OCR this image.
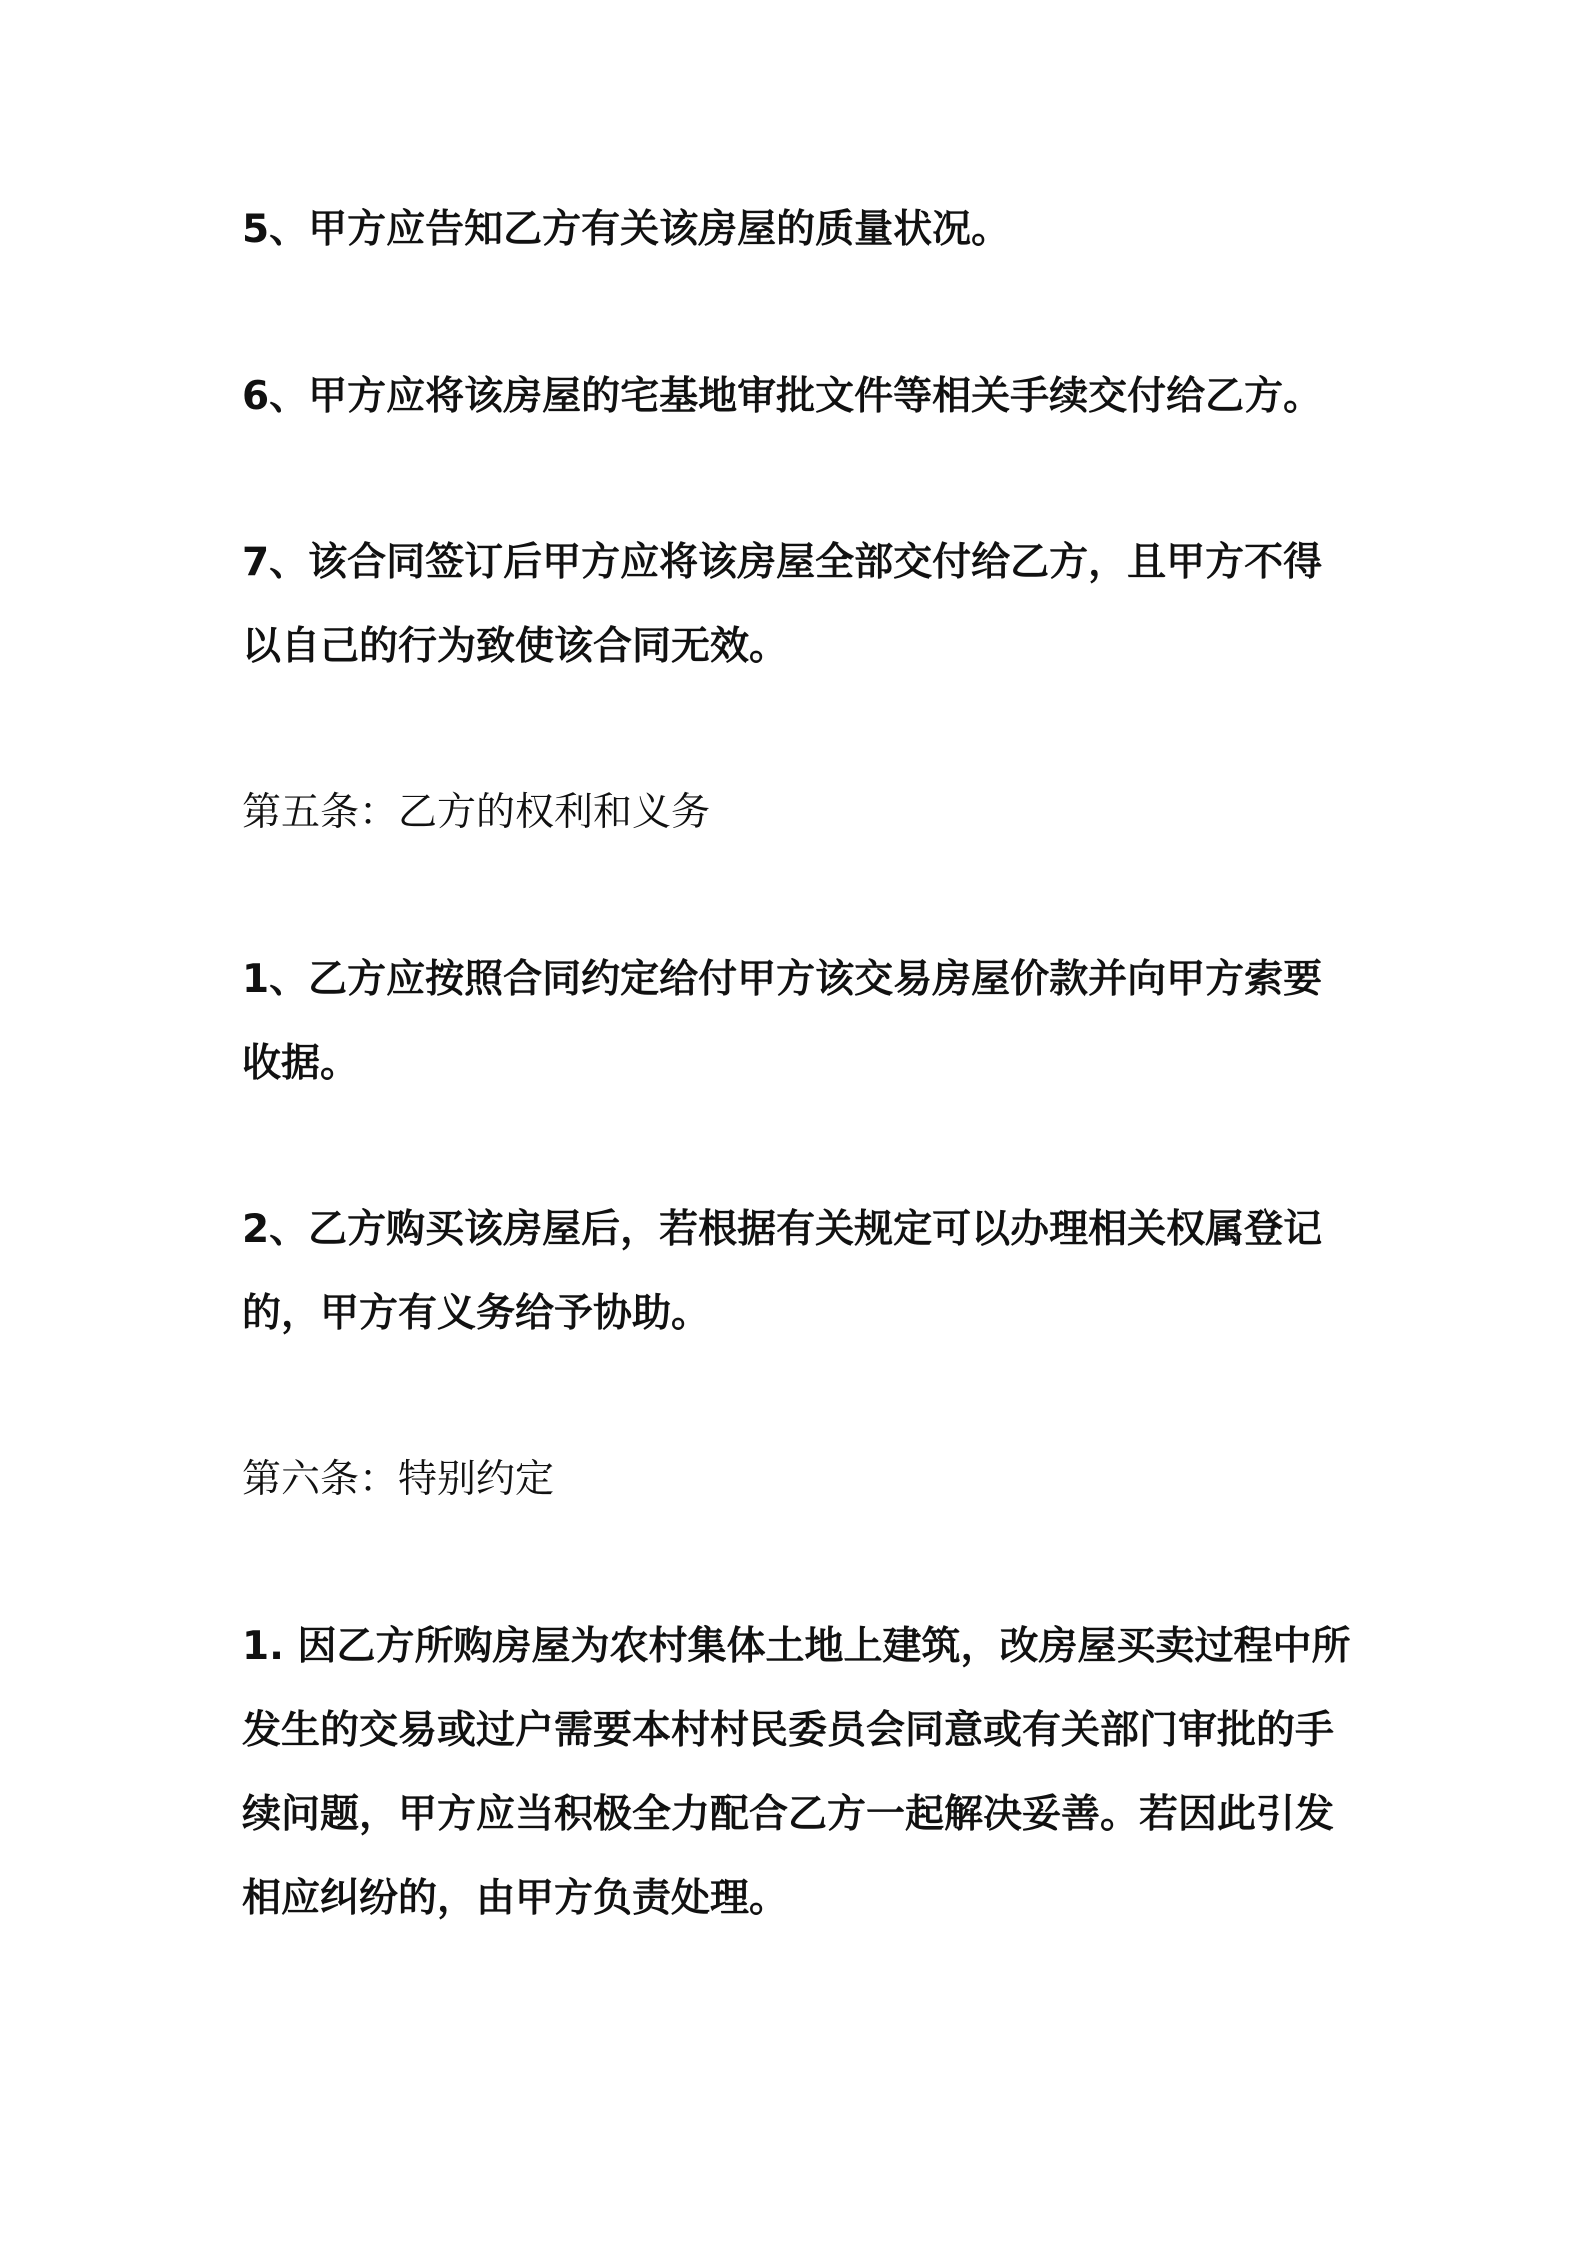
5、甲方应告知乙方有关该房屋的质量状况。

6、甲方应将该房屋的宅基地审批文件等相关手续交付给乙方。

7、该合同签订后甲方应将该房屋全部交付给乙方，且甲方不得以自己的行为致使该合同无效。

第五条：乙方的权利和义务

1、乙方应按照合同约定给付甲方该交易房屋价款并向甲方索要收据。

2、乙方购买该房屋后，若根据有关规定可以办理相关权属登记的，甲方有义务给予协助。

第六条：特别约定

1. 因乙方所购房屋为农村集体土地上建筑，改房屋买卖过程中所发生的交易或过户需要本村村民委员会同意或有关部门审批的手续问题，甲方应当积极全力配合乙方一起解决妥善。若因此引发相应纠纷的，由甲方负责处理。
